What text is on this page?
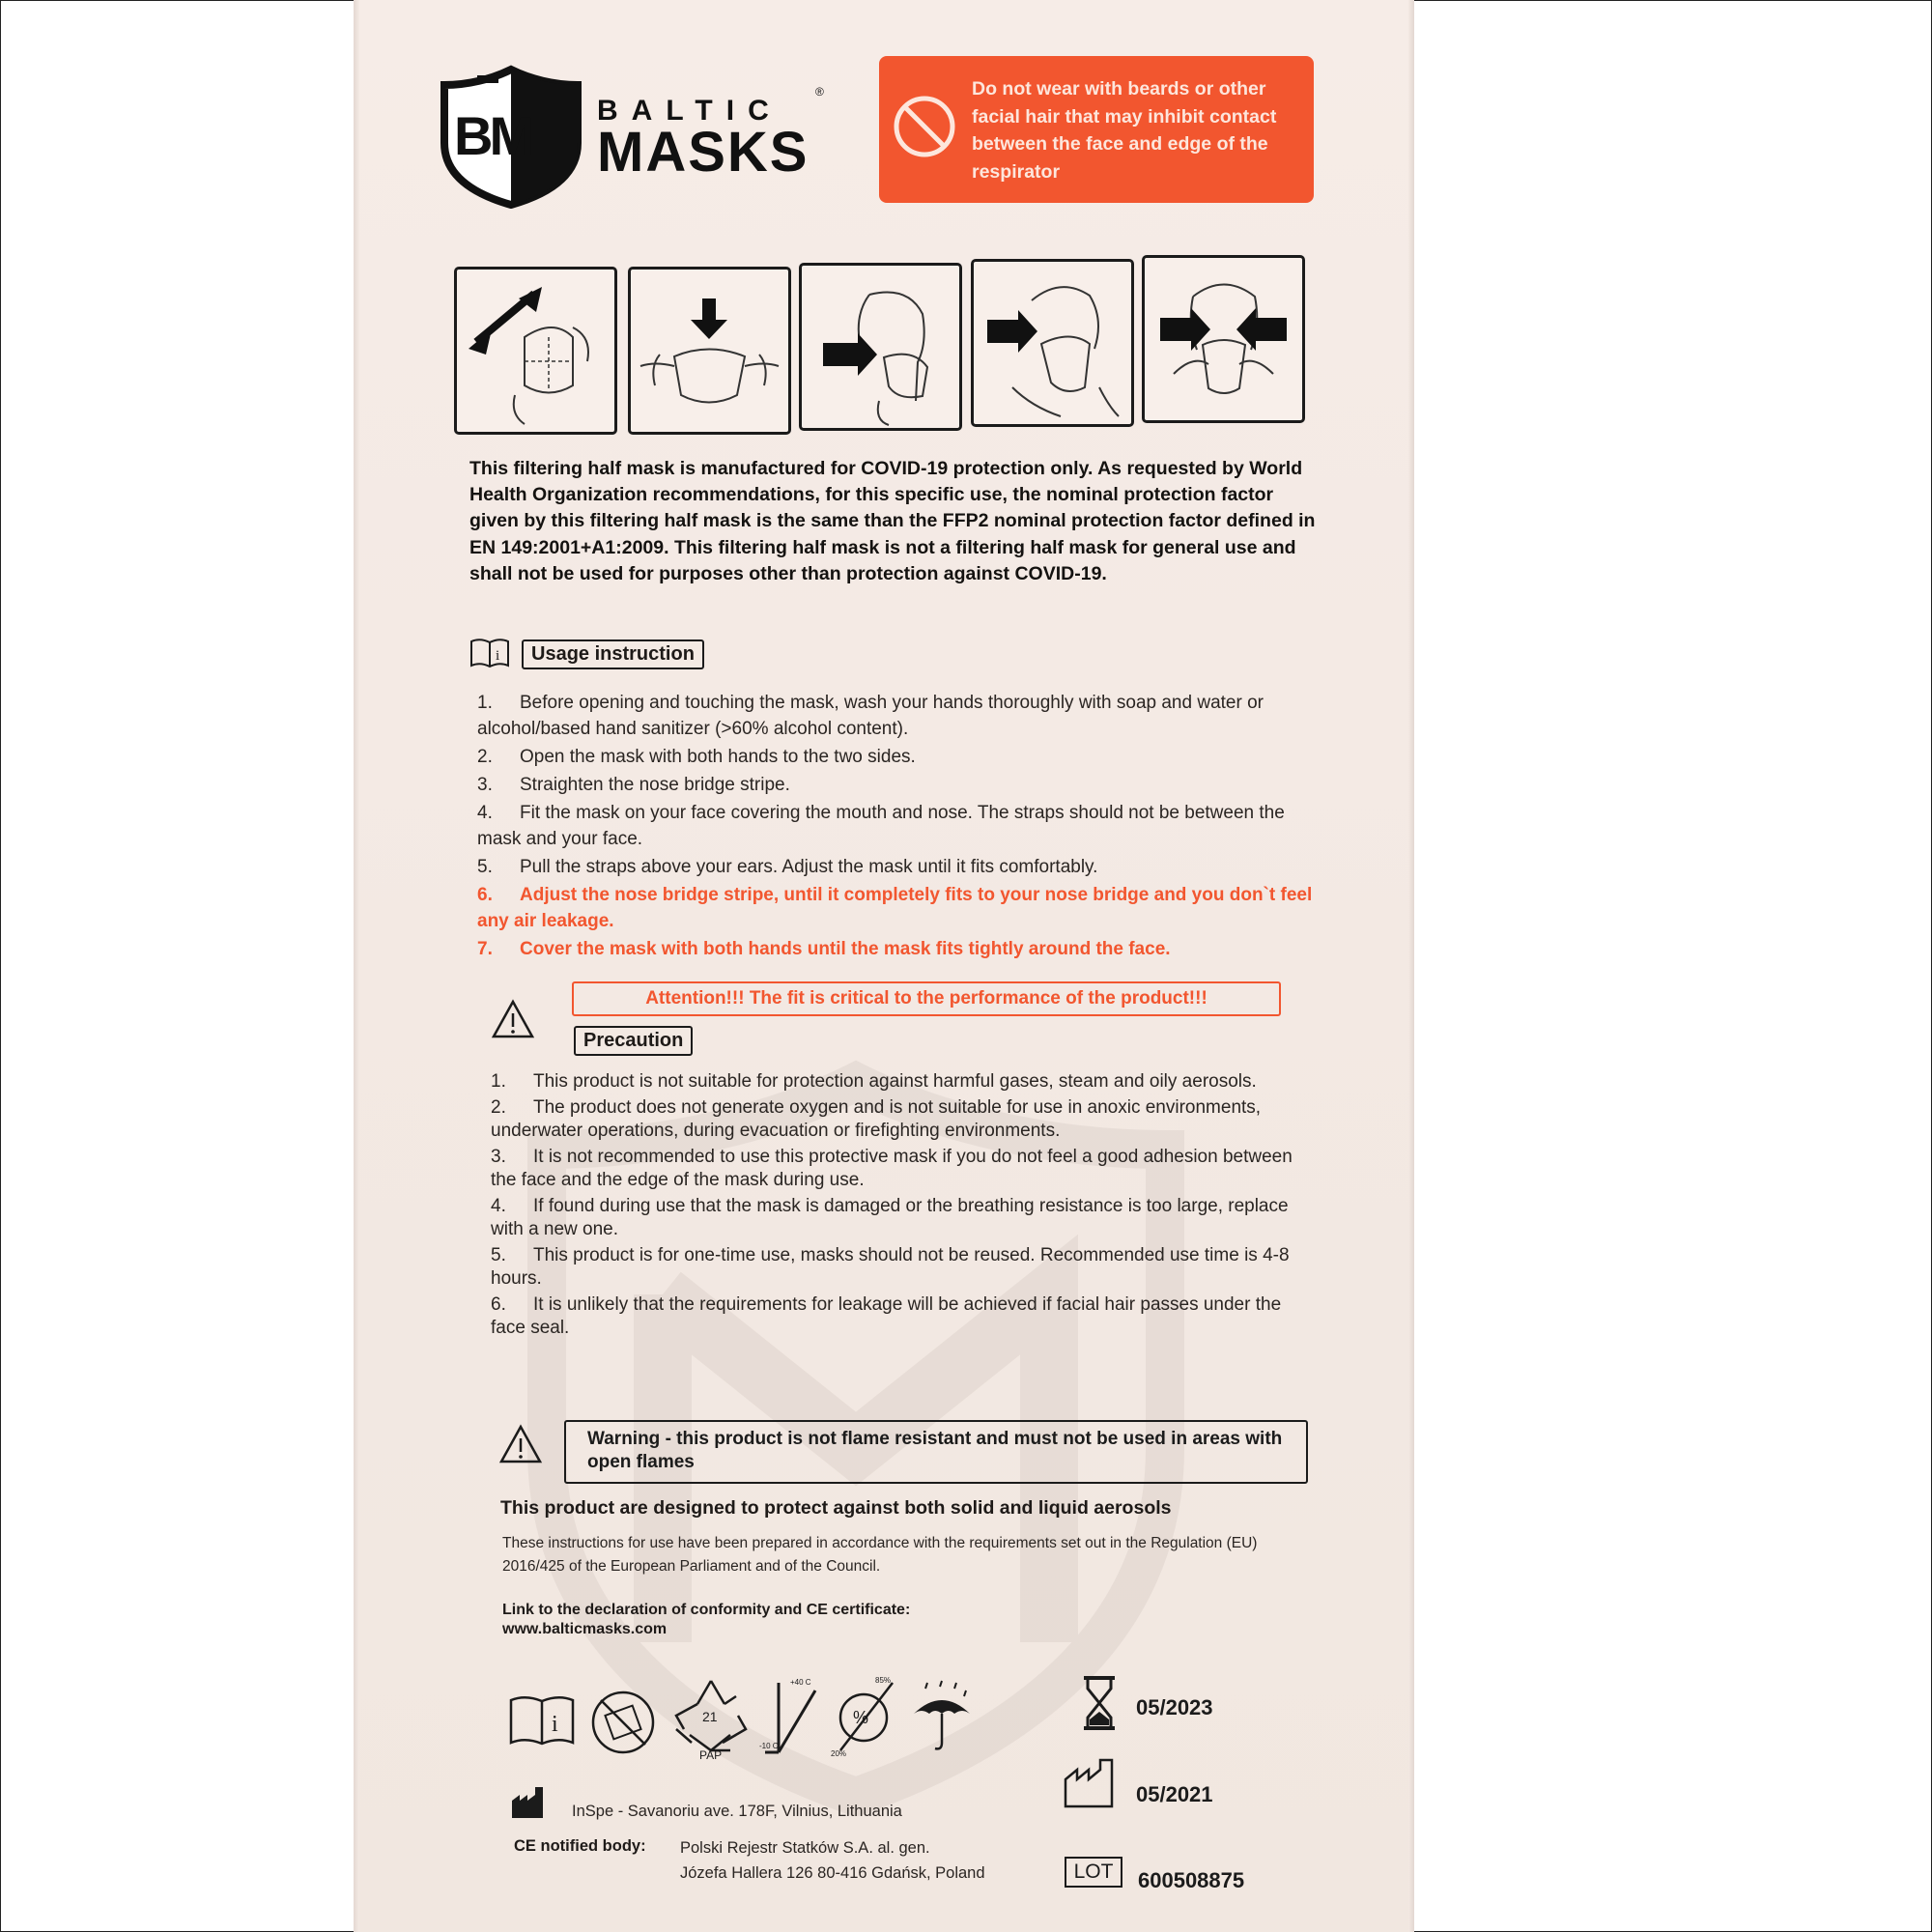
BM BALTIC
MASKS
®	Do not wear with beards or other facial hair that may inhibit contact between the face and edge of the respirator
This filtering half mask is manufactured for COVID-19 protection only. As requested by World Health Organization recommendations, for this specific use, the nominal protection factor given by this filtering half mask is the same than the FFP2 nominal protection factor defined in EN 149:2001+A1:2009. This filtering half mask is not a filtering half mask for general use and shall not be used for purposes other than protection against COVID-19.
i	Usage instruction
1. Before opening and touching the mask, wash your hands thoroughly with soap and water or alcohol/based hand sanitizer (>60% alcohol content).
2. Open the mask with both hands to the two sides.
3. Straighten the nose bridge stripe.
4. Fit the mask on your face covering the mouth and nose. The straps should not be between the mask and your face.
5. Pull the straps above your ears. Adjust the mask until it fits comfortably.
6. Adjust the nose bridge stripe, until it completely fits to your nose bridge and you don`t feel any air leakage.
7. Cover the mask with both hands until the mask fits tightly around the face.
Attention!!! The fit is critical to the performance of the product!!!
Precaution
1. This product is not suitable for protection against harmful gases, steam and oily aerosols.
2. The product does not generate oxygen and is not suitable for use in anoxic environments, underwater operations, during evacuation or firefighting environments.
3. It is not recommended to use this protective mask if you do not feel a good adhesion between the face and the edge of the mask during use.
4. If found during use that the mask is damaged or the breathing resistance is too large, replace with a new one.
5. This product is for one-time use, masks should not be reused. Recommended use time is 4-8 hours.
6. It is unlikely that the requirements for leakage will be achieved if facial hair passes under the face seal.
Warning - this product is not flame resistant and must not be used in areas with open flames
This product are designed to protect against both solid and liquid aerosols
These instructions for use have been prepared in accordance with the requirements set out in the Regulation (EU) 2016/425 of the European Parliament and of the Council.
Link to the declaration of conformity and CE certificate:
www.balticmasks.com
i	21
PAP
+40 C
-10 C
%
85%
20%
05/2023
05/2021
LOT	600508875
InSpe - Savanoriu ave. 178F, Vilnius, Lithuania
CE notified body: Polski Rejestr Statków S.A. al. gen.
Józefa Hallera 126 80-416 Gdańsk, Poland
